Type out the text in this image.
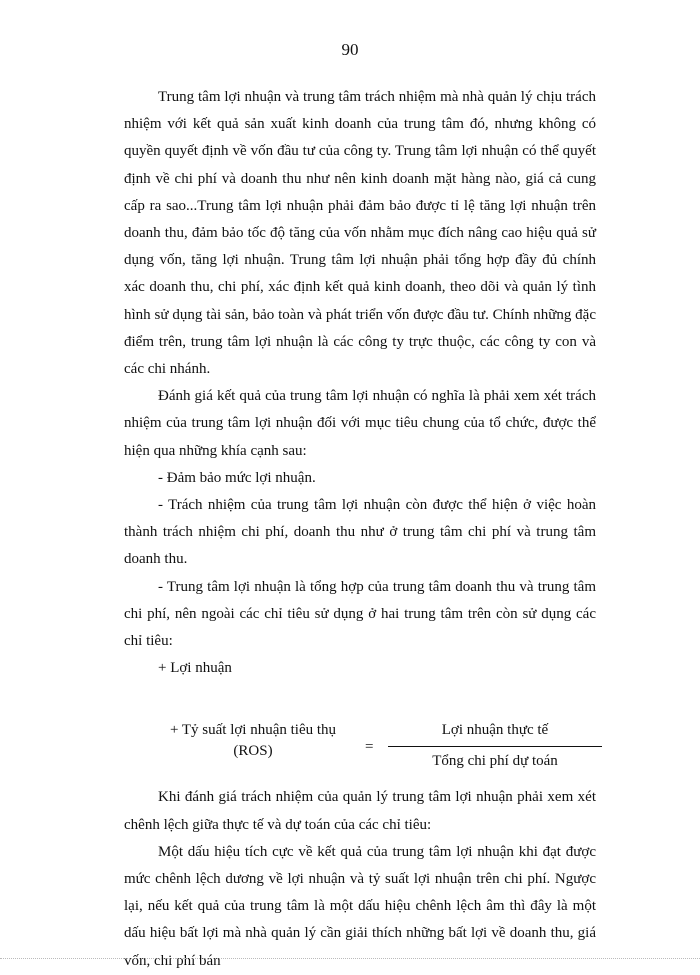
90

Trung tâm lợi nhuận và trung tâm trách nhiệm mà nhà quản lý chịu trách nhiệm với kết quả sản xuất kinh doanh của trung tâm đó, nhưng không có quyền quyết định về vốn đầu tư của công ty. Trung tâm lợi nhuận có thể quyết định về chi phí và doanh thu như nên kinh doanh mặt hàng nào, giá cả cung cấp ra sao...Trung tâm lợi nhuận phải đảm bảo được tỉ lệ tăng lợi nhuận trên doanh thu, đảm bảo tốc độ tăng của vốn nhằm mục đích nâng cao hiệu quả sử dụng vốn, tăng lợi nhuận. Trung tâm lợi nhuận phải tổng hợp đầy đủ chính xác doanh thu, chi phí, xác định kết quả kinh doanh, theo dõi và quản lý tình hình sử dụng tài sản, bảo toàn và phát triển vốn được đầu tư. Chính những đặc điểm trên, trung tâm lợi nhuận là các công ty trực thuộc, các công ty con và các chi nhánh.

Đánh giá kết quả của trung tâm lợi nhuận có nghĩa là phải xem xét trách nhiệm của trung tâm lợi nhuận đối với mục tiêu chung của tổ chức, được thể hiện qua những khía cạnh sau:

- Đảm bảo mức lợi nhuận.

- Trách nhiệm của trung tâm lợi nhuận còn được thể hiện ở việc hoàn thành trách nhiệm chi phí, doanh thu như ở trung tâm chi phí và trung tâm doanh thu.

- Trung tâm lợi nhuận là tổng hợp của trung tâm doanh thu và trung tâm chi phí, nên ngoài các chỉ tiêu sử dụng ở hai trung tâm trên còn sử dụng các chỉ tiêu:

+ Lợi nhuận

+ Tỷ suất lợi nhuận tiêu thụ
(ROS)	=
Lợi nhuận thực tế
Tổng chi phí dự toán

Khi đánh giá trách nhiệm của quản lý trung tâm lợi nhuận phải xem xét chênh lệch giữa thực tế và dự toán của các chỉ tiêu:

Một dấu hiệu tích cực về kết quả của trung tâm lợi nhuận khi đạt được mức chênh lệch dương về lợi nhuận và tỷ suất lợi nhuận trên chi phí. Ngược lại, nếu kết quả của trung tâm là một dấu hiệu chênh lệch âm thì đây là một dấu hiệu bất lợi mà nhà quản lý cần giải thích những bất lợi về doanh thu, giá vốn, chi phí bán
